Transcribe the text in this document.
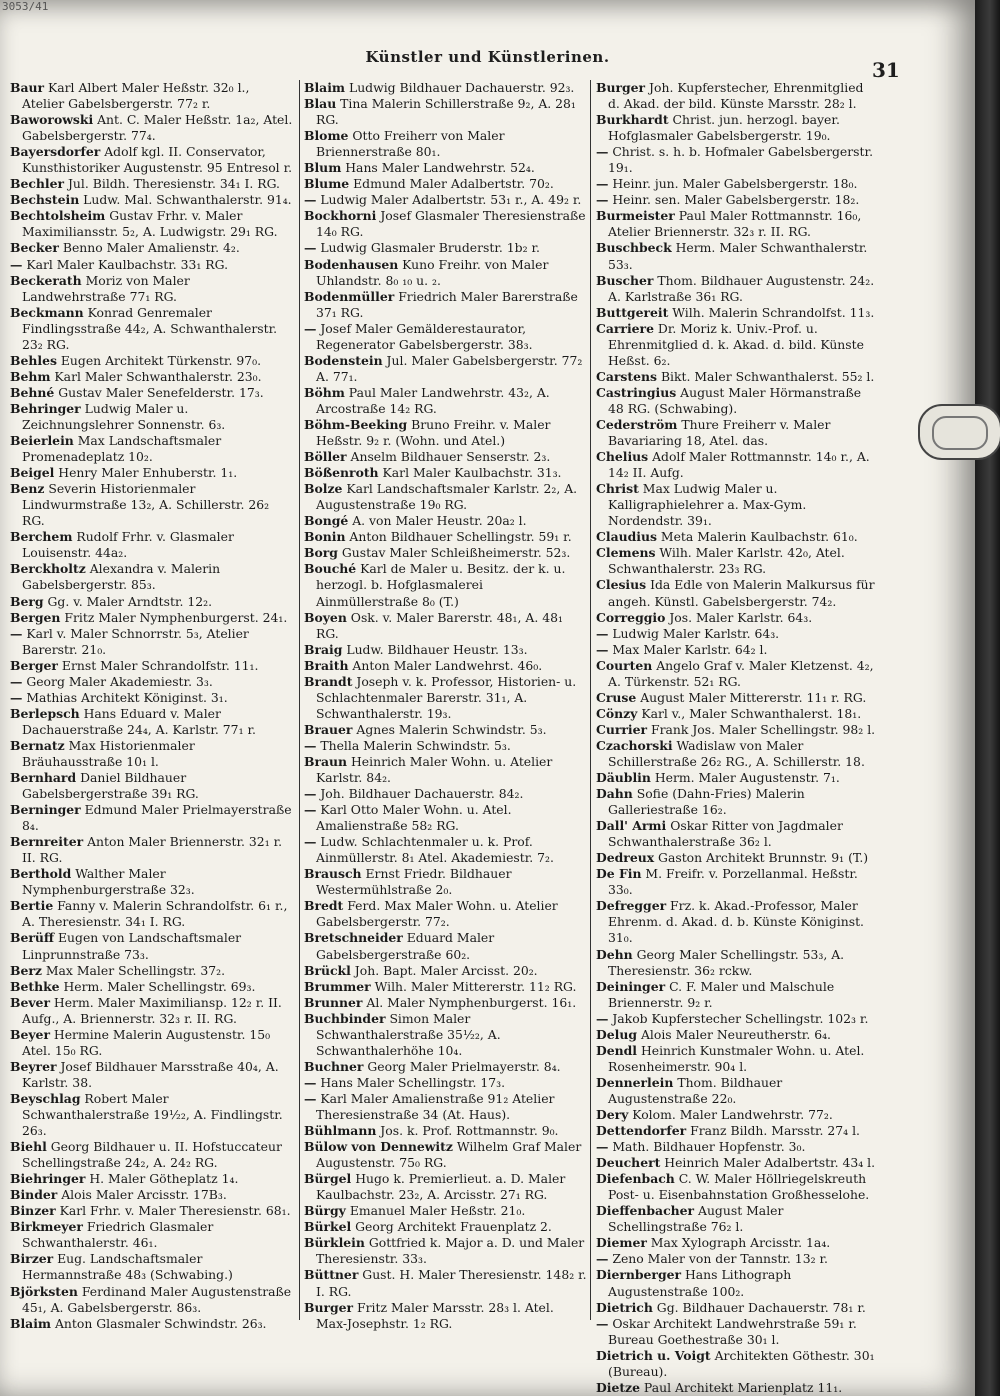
3053/41
Künstler und Künstlerinen.
31

Baur Karl Albert Maler Heßstr. 32₀ l., Atelier Gabelsbergerstr. 77₂ r.

Baworowski Ant. C. Maler Heßstr. 1a₂, Atel. Gabelsbergerstr. 77₄.

Bayersdorfer Adolf kgl. II. Conservator, Kunsthistoriker Augustenstr. 95 Entresol r.

Bechler Jul. Bildh. Theresienstr. 34₁ I. RG.

Bechstein Ludw. Mal. Schwanthalerstr. 91₄.

Bechtolsheim Gustav Frhr. v. Maler Maximiliansstr. 5₂, A. Ludwigstr. 29₁ RG.

Becker Benno Maler Amalienstr. 4₂.

— Karl Maler Kaulbachstr. 33₁ RG.

Beckerath Moriz von Maler Landwehrstraße 77₁ RG.

Beckmann Konrad Genremaler Findlingsstraße 44₂, A. Schwanthalerstr. 23₂ RG.

Behles Eugen Architekt Türkenstr. 97₀.

Behm Karl Maler Schwanthalerstr. 23₀.

Behné Gustav Maler Senefelderstr. 17₃.

Behringer Ludwig Maler u. Zeichnungslehrer Sonnenstr. 6₃.

Beierlein Max Landschaftsmaler Promenadeplatz 10₂.

Beigel Henry Maler Enhuberstr. 1₁.

Benz Severin Historienmaler Lindwurmstraße 13₂, A. Schillerstr. 26₂ RG.

Berchem Rudolf Frhr. v. Glasmaler Louisenstr. 44a₂.

Berckholtz Alexandra v. Malerin Gabelsbergerstr. 85₃.

Berg Gg. v. Maler Arndtstr. 12₂.

Bergen Fritz Maler Nymphenburgerst. 24₁.

— Karl v. Maler Schnorrstr. 5₃, Atelier Barerstr. 21₀.

Berger Ernst Maler Schrandolfstr. 11₁.

— Georg Maler Akademiestr. 3₃.

— Mathias Architekt Königinst. 3₁.

Berlepsch Hans Eduard v. Maler Dachauerstraße 24₄, A. Karlstr. 77₁ r.

Bernatz Max Historienmaler Bräuhausstraße 10₁ l.

Bernhard Daniel Bildhauer Gabelsbergerstraße 39₁ RG.

Berninger Edmund Maler Prielmayerstraße 8₄.

Bernreiter Anton Maler Briennerstr. 32₁ r. II. RG.

Berthold Walther Maler Nymphenburgerstraße 32₃.

Bertie Fanny v. Malerin Schrandolfstr. 6₁ r., A. Theresienstr. 34₁ I. RG.

Berüff Eugen von Landschaftsmaler Linprunnstraße 73₃.

Berz Max Maler Schellingstr. 37₂.

Bethke Herm. Maler Schellingstr. 69₃.

Bever Herm. Maler Maximiliansp. 12₂ r. II. Aufg., A. Briennerstr. 32₃ r. II. RG.

Beyer Hermine Malerin Augustenstr. 15₀ Atel. 15₀ RG.

Beyrer Josef Bildhauer Marsstraße 40₄, A. Karlstr. 38.

Beyschlag Robert Maler Schwanthalerstraße 19½₂, A. Findlingstr. 26₃.

Biehl Georg Bildhauer u. II. Hofstuccateur Schellingstraße 24₂, A. 24₂ RG.

Biehringer H. Maler Götheplatz 1₄.

Binder Alois Maler Arcisstr. 17B₃.

Binzer Karl Frhr. v. Maler Theresienstr. 68₁.

Birkmeyer Friedrich Glasmaler Schwanthalerstr. 46₁.

Birzer Eug. Landschaftsmaler Hermannstraße 48₃ (Schwabing.)

Björksten Ferdinand Maler Augustenstraße 45₁, A. Gabelsbergerstr. 86₃.

Blaim Anton Glasmaler Schwindstr. 26₃.

Blaim Ludwig Bildhauer Dachauerstr. 92₃.

Blau Tina Malerin Schillerstraße 9₂, A. 28₁ RG.

Blome Otto Freiherr von Maler Briennerstraße 80₁.

Blum Hans Maler Landwehrstr. 52₄.

Blume Edmund Maler Adalbertstr. 70₂.

— Ludwig Maler Adalbertstr. 53₁ r., A. 49₂ r.

Bockhorni Josef Glasmaler Theresienstraße 14₀ RG.

— Ludwig Glasmaler Bruderstr. 1b₂ r.

Bodenhausen Kuno Freihr. von Maler Uhlandstr. 8₀ ₁₀ u. ₂.

Bodenmüller Friedrich Maler Barerstraße 37₁ RG.

— Josef Maler Gemälderestaurator, Regenerator Gabelsbergerstr. 38₃.

Bodenstein Jul. Maler Gabelsbergerstr. 77₂ A. 77₁.

Böhm Paul Maler Landwehrstr. 43₂, A. Arcostraße 14₂ RG.

Böhm-Beeking Bruno Freihr. v. Maler Heßstr. 9₂ r. (Wohn. und Atel.)

Böller Anselm Bildhauer Senserstr. 2₃.

Bößenroth Karl Maler Kaulbachstr. 31₃.

Bolze Karl Landschaftsmaler Karlstr. 2₂, A. Augustenstraße 19₀ RG.

Bongé A. von Maler Heustr. 20a₂ l.

Bonin Anton Bildhauer Schellingstr. 59₁ r.

Borg Gustav Maler Schleißheimerstr. 52₃.

Bouché Karl de Maler u. Besitz. der k. u. herzogl. b. Hofglasmalerei Ainmüllerstraße 8₀ (T.)

Boyen Osk. v. Maler Barerstr. 48₁, A. 48₁ RG.

Braig Ludw. Bildhauer Heustr. 13₃.

Braith Anton Maler Landwehrst. 46₀.

Brandt Joseph v. k. Professor, Historien- u. Schlachtenmaler Barerstr. 31₁, A. Schwanthalerstr. 19₃.

Brauer Agnes Malerin Schwindstr. 5₃.

— Thella Malerin Schwindstr. 5₃.

Braun Heinrich Maler Wohn. u. Atelier Karlstr. 84₂.

— Joh. Bildhauer Dachauerstr. 84₂.

— Karl Otto Maler Wohn. u. Atel. Amalienstraße 58₂ RG.

— Ludw. Schlachtenmaler u. k. Prof. Ainmüllerstr. 8₁ Atel. Akademiestr. 7₂.

Brausch Ernst Friedr. Bildhauer Westermühlstraße 2₀.

Bredt Ferd. Max Maler Wohn. u. Atelier Gabelsbergerstr. 77₂.

Bretschneider Eduard Maler Gabelsbergerstraße 60₂.

Brückl Joh. Bapt. Maler Arcisst. 20₂.

Brummer Wilh. Maler Mittererstr. 11₂ RG.

Brunner Al. Maler Nymphenburgerst. 16₁.

Buchbinder Simon Maler Schwanthalerstraße 35½₂, A. Schwanthalerhöhe 10₄.

Buchner Georg Maler Prielmayerstr. 8₄.

— Hans Maler Schellingstr. 17₃.

— Karl Maler Amalienstraße 91₂ Atelier Theresienstraße 34 (At. Haus).

Bühlmann Jos. k. Prof. Rottmannstr. 9₀.

Bülow von Dennewitz Wilhelm Graf Maler Augustenstr. 75₀ RG.

Bürgel Hugo k. Premierlieut. a. D. Maler Kaulbachstr. 23₂, A. Arcisstr. 27₁ RG.

Bürgy Emanuel Maler Heßstr. 21₀.

Bürkel Georg Architekt Frauenplatz 2.

Bürklein Gottfried k. Major a. D. und Maler Theresienstr. 33₃.

Büttner Gust. H. Maler Theresienstr. 148₂ r. I. RG.

Burger Fritz Maler Marsstr. 28₃ l. Atel. Max-Josephstr. 1₂ RG.

Burger Joh. Kupferstecher, Ehrenmitglied d. Akad. der bild. Künste Marsstr. 28₂ l.

Burkhardt Christ. jun. herzogl. bayer. Hofglasmaler Gabelsbergerstr. 19₀.

— Christ. s. h. b. Hofmaler Gabelsbergerstr. 19₁.

— Heinr. jun. Maler Gabelsbergerstr. 18₀.

— Heinr. sen. Maler Gabelsbergerstr. 18₂.

Burmeister Paul Maler Rottmannstr. 16₀, Atelier Briennerstr. 32₃ r. II. RG.

Buschbeck Herm. Maler Schwanthalerstr. 53₃.

Buscher Thom. Bildhauer Augustenstr. 24₂. A. Karlstraße 36₁ RG.

Buttgereit Wilh. Malerin Schrandolfst. 11₃.

Carriere Dr. Moriz k. Univ.-Prof. u. Ehrenmitglied d. k. Akad. d. bild. Künste Heßst. 6₂.

Carstens Bikt. Maler Schwanthalerst. 55₂ l.

Castringius August Maler Hörmanstraße 48 RG. (Schwabing).

Cederström Thure Freiherr v. Maler Bavariaring 18, Atel. das.

Chelius Adolf Maler Rottmannstr. 14₀ r., A. 14₂ II. Aufg.

Christ Max Ludwig Maler u. Kalligraphielehrer a. Max-Gym. Nordendstr. 39₁.

Claudius Meta Malerin Kaulbachstr. 61₀.

Clemens Wilh. Maler Karlstr. 42₀, Atel. Schwanthalerstr. 23₃ RG.

Clesius Ida Edle von Malerin Malkursus für angeh. Künstl. Gabelsbergerstr. 74₂.

Correggio Jos. Maler Karlstr. 64₃.

— Ludwig Maler Karlstr. 64₃.

— Max Maler Karlstr. 64₂ l.

Courten Angelo Graf v. Maler Kletzenst. 4₂, A. Türkenstr. 52₁ RG.

Cruse August Maler Mittererstr. 11₁ r. RG.

Cönzy Karl v., Maler Schwanthalerst. 18₁.

Currier Frank Jos. Maler Schellingstr. 98₂ l.

Czachorski Wadislaw von Maler Schillerstraße 26₂ RG., A. Schillerstr. 18.

Däublin Herm. Maler Augustenstr. 7₁.

Dahn Sofie (Dahn-Fries) Malerin Galleriestraße 16₂.

Dall' Armi Oskar Ritter von Jagdmaler Schwanthalerstraße 36₂ l.

Dedreux Gaston Architekt Brunnstr. 9₁ (T.)

De Fin M. Freifr. v. Porzellanmal. Heßstr. 33₀.

Defregger Frz. k. Akad.-Professor, Maler Ehrenm. d. Akad. d. b. Künste Königinst. 31₀.

Dehn Georg Maler Schellingstr. 53₃, A. Theresienstr. 36₂ rckw.

Deininger C. F. Maler und Malschule Briennerstr. 9₂ r.

— Jakob Kupferstecher Schellingstr. 102₃ r.

Delug Alois Maler Neureutherstr. 6₄.

Dendl Heinrich Kunstmaler Wohn. u. Atel. Rosenheimerstr. 90₄ l.

Dennerlein Thom. Bildhauer Augustenstraße 22₀.

Dery Kolom. Maler Landwehrstr. 77₂.

Dettendorfer Franz Bildh. Marsstr. 27₄ l.

— Math. Bildhauer Hopfenstr. 3₀.

Deuchert Heinrich Maler Adalbertstr. 43₄ l.

Diefenbach C. W. Maler Höllriegelskreuth Post- u. Eisenbahnstation Großhesselohe.

Dieffenbacher August Maler Schellingstraße 76₂ l.

Diemer Max Xylograph Arcisstr. 1a₄.

— Zeno Maler von der Tannstr. 13₂ r.

Diernberger Hans Lithograph Augustenstraße 100₂.

Dietrich Gg. Bildhauer Dachauerstr. 78₁ r.

— Oskar Architekt Landwehrstraße 59₁ r. Bureau Goethestraße 30₁ l.

Dietrich u. Voigt Architekten Göthestr. 30₁ (Bureau).

Dietze Paul Architekt Marienplatz 11₁.
